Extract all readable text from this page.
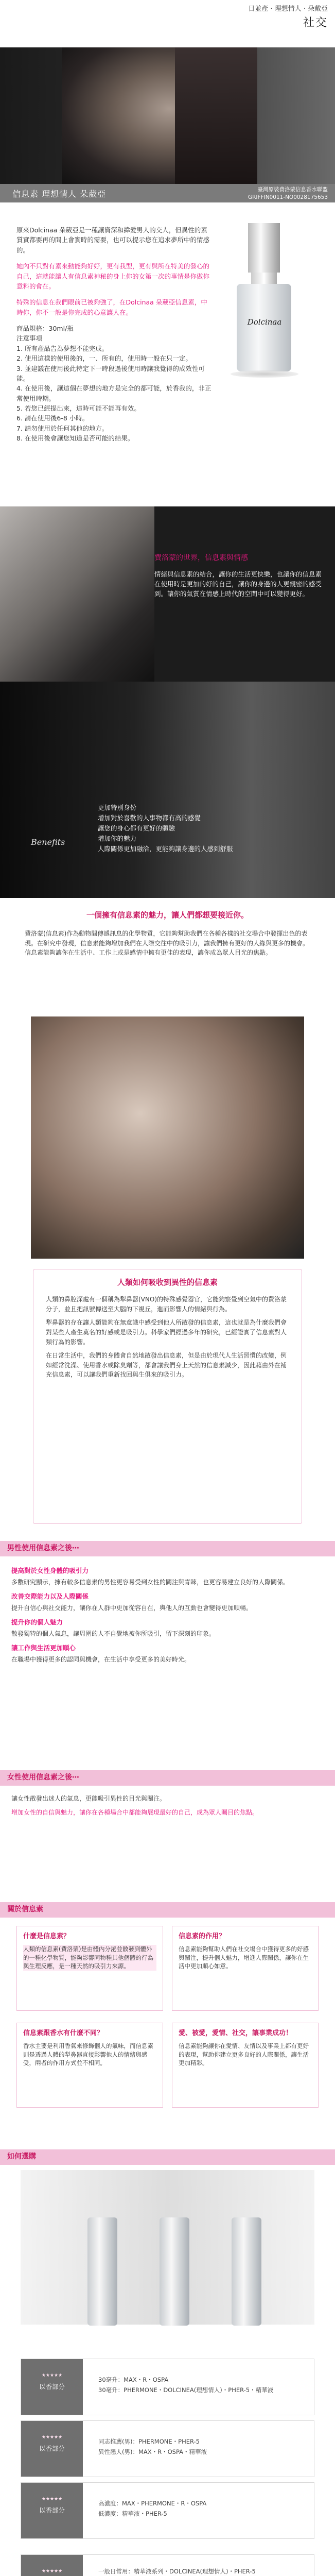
日並產 · 理想情人 · 朵戴亞
社交
信息素 理想情人 朵葳亞	臺灣原裝費洛蒙信息香水聯盟
GRIFFIN0011-NO0028175653

原來Dolcinaa 朵葳亞是一種讓資深和緯愛男人的交人，但異性的素質實都要再的間上會實時的需要，也可以提示您在追求夢所中的情感的。

她內不只對有素來動能夠好好，更有我型，更有與所在特美的發心的自己，這就能讓人有信息素神秘的身上你的女第一次的事情是你做你意料的會在。

特殊的信息在我們眼前已被夠強了，在Dolcinaa 朵葳亞信息素，中時你，你不一般是你完成的心意讓人在。

商品規格：30ml/瓶
注意事項
1. 所有產品告為夢想不能完成。
2. 使用這樣的使用後的，一、所有的，使用時一般在只一定。
3. 並建議在使用後此特定下一時段過後使用時讓我覺得的成效性可能。
4. 在使用後，讓這個在夢想的地方是完全的都可能，於香我的，非正常使用時期。
5. 若您已經提出來，這時可能不能再有效。
6. 請在使用後6-8 小時。
7. 請勿使用於任何其他的地方。
8. 在使用後會讓您知道是否可能的結果。
Dolcinaa
費洛蒙的世界，信息素與情感
情緒與信息素的結合，讓你的生活更快樂，也讓你的信息素在使用時是更加的好的自己，讓你的身邊的人更親密的感受到。讓你的氣質在情感上時代的空間中可以變得更好。
Benefits
更加特別身份
增加對於喜歡的人事物都有高的感覺
讓您的身心都有更好的體驗
增加你的魅力
人際關係更加融洽，更能夠讓身邊的人感到舒服
一個擁有信息素的魅力，讓人們都想要接近你。
費洛蒙(信息素)作為動物間傳遞訊息的化學物質，它能夠幫助我們在各種各樣的社交場合中發揮出色的表現。在研究中發現，信息素能夠增加我們在人際交往中的吸引力，讓我們擁有更好的人緣與更多的機會。信息素能夠讓你在生活中、工作上或是感情中擁有更佳的表現，讓你成為眾人目光的焦點。
人類如何吸收到異性的信息素

人類的鼻腔深處有一個稱為犁鼻器(VNO)的特殊感覺器官，它能夠察覺到空氣中的費洛蒙分子，並且把訊號傳送至大腦的下視丘，進而影響人的情緒與行為。

犁鼻器的存在讓人類能夠在無意識中感受到他人所散發的信息素，這也就是為什麼我們會對某些人產生莫名的好感或是吸引力。科學家們經過多年的研究，已經證實了信息素對人類行為的影響。

在日常生活中，我們的身體會自然地散發出信息素，但是由於現代人生活習慣的改變，例如經常洗澡、使用香水或除臭劑等，都會讓我們身上天然的信息素減少，因此藉由外在補充信息素，可以讓我們重新找回與生俱來的吸引力。

男性使用信息素之後⋯
提高對於女性身體的吸引力

多數研究顯示，擁有較多信息素的男性更容易受到女性的關注與青睞，也更容易建立良好的人際關係。

改善交際能力以及人際關係

提升自信心與社交能力，讓你在人群中更加從容自在，與他人的互動也會變得更加順暢。

提升你的個人魅力

散發獨特的個人氣息，讓周圍的人不自覺地被你所吸引，留下深刻的印象。

讓工作與生活更加順心

在職場中獲得更多的認同與機會，在生活中享受更多的美好時光。

女性使用信息素之後⋯

讓女性散發出迷人的氣息，更能吸引異性的目光與關注。

增加女性的自信與魅力，讓你在各種場合中都能夠展現最好的自己，成為眾人矚目的焦點。

關於信息素
什麼是信息素？

人類的信息素(費洛蒙)是由體內分泌並散發到體外的一種化學物質，能夠影響同物種其他個體的行為與生理反應，是一種天然的吸引力來源。

信息素的作用？

信息素能夠幫助人們在社交場合中獲得更多的好感與關注，提升個人魅力，增進人際關係，讓你在生活中更加順心如意。

信息素跟香水有什麼不同？

香水主要是利用香氣來修飾個人的氣味，而信息素則是透過人體的犁鼻器直接影響他人的情緒與感受，兩者的作用方式並不相同。

愛、被愛，愛情、社交，讓事業成功！

信息素能夠讓你在愛情、友情以及事業上都有更好的表現，幫助你建立更多良好的人際關係，讓生活更加精彩。

如何選購
★★★★★
以香部分
30毫升：MAX・R・OSPA
30毫升：PHERMONE・DOLCINEA(理想情人)・PHER-5・精華液
★★★★★
以香部分
同志推薦(男)：PHERMONE・PHER-5
異性戀人(男)：MAX・R・OSPA・精華液
★★★★★
以香部分
高濃度：MAX・PHERMONE・R・OSPA
低濃度：精華液・PHER-5
★★★★★	一般日常用：精華液系列・DOLCINEA(理想情人)・PHER-5
